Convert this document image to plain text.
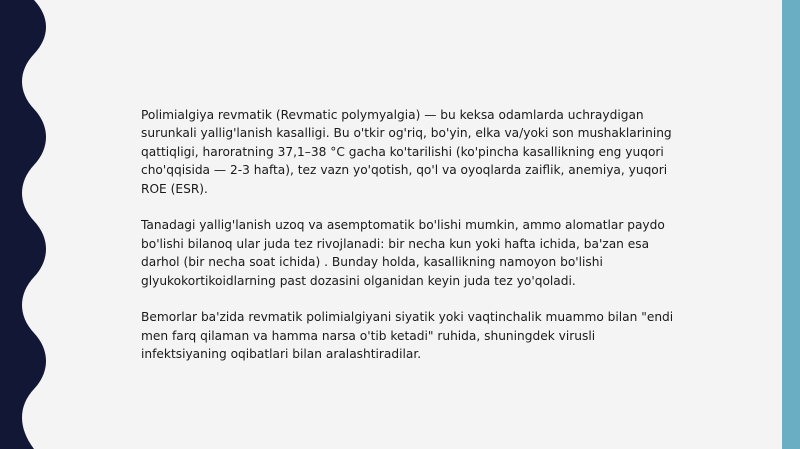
Polimialgiya revmatik (Revmatic polymyalgia) — bu keksa odamlarda uchraydigan surunkali yallig'lanish kasalligi. Bu o'tkir og'riq, bo'yin, elka va/yoki son mushaklarining qattiqligi, haroratning 37,1–38 °C gacha ko'tarilishi (ko'pincha kasallikning eng yuqori cho'qqisida — 2-3 hafta), tez vazn yo'qotish, qo'l va oyoqlarda zaiflik, anemiya, yuqori ROE (ESR).

Tanadagi yallig'lanish uzoq va asemptomatik bo'lishi mumkin, ammo alomatlar paydo bo'lishi bilanoq ular juda tez rivojlanadi: bir necha kun yoki hafta ichida, ba'zan esa darhol (bir necha soat ichida) . Bunday holda, kasallikning namoyon bo'lishi glyukokortikoidlarning past dozasini olganidan keyin juda tez yo'qoladi.

Bemorlar ba'zida revmatik polimialgiyani siyatik yoki vaqtinchalik muammo bilan "endi men farq qilaman va hamma narsa o'tib ketadi" ruhida, shuningdek virusli infektsiyaning oqibatlari bilan aralashtiradilar.
